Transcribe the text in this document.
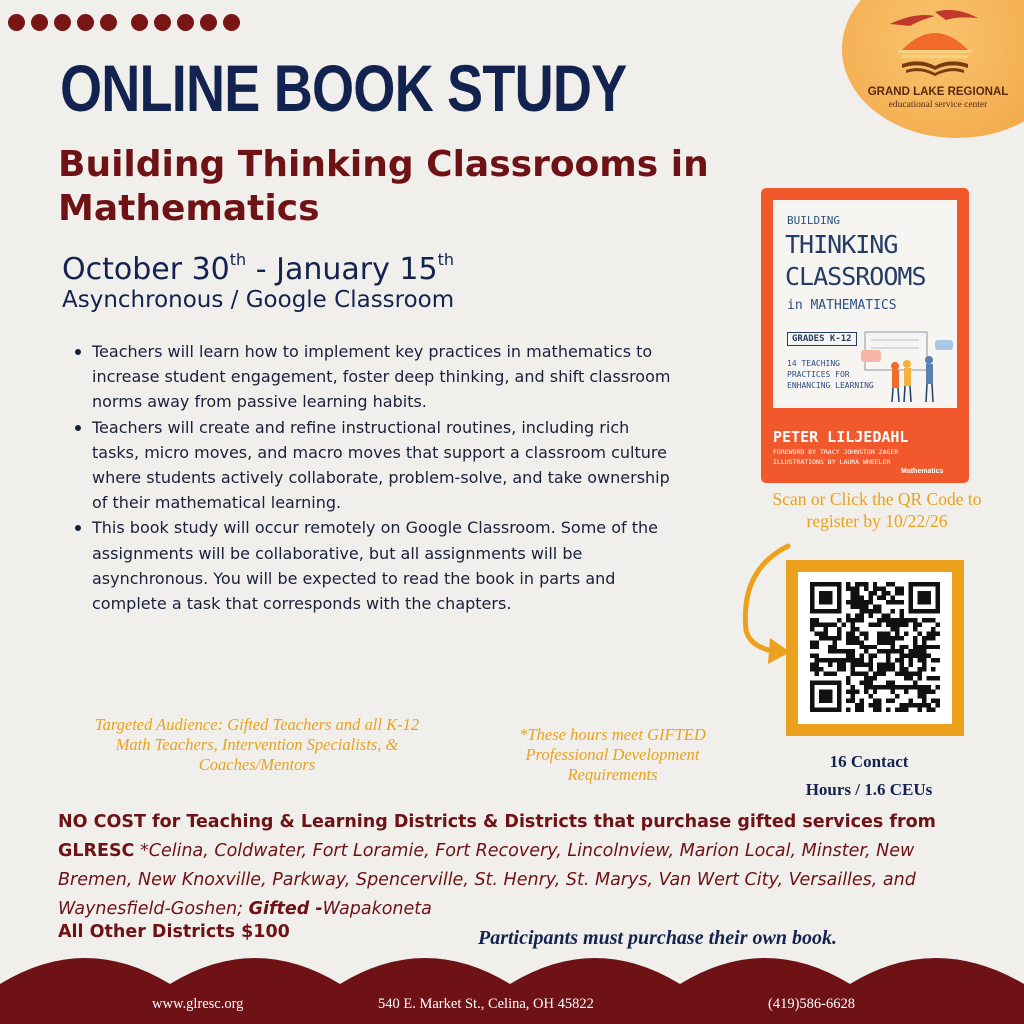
GRAND LAKE REGIONAL
educational service center
ONLINE BOOK STUDY
Building Thinking Classrooms in Mathematics
October 30th - January 15th
Asynchronous / Google Classroom
Teachers will learn how to implement key practices in mathematics to increase student engagement, foster deep thinking, and shift classroom norms away from passive learning habits.
Teachers will create and refine instructional routines, including rich tasks, micro moves, and macro moves that support a classroom culture where students actively collaborate, problem-solve, and take ownership of their mathematical learning.
This book study will occur remotely on Google Classroom. Some of the assignments will be collaborative, but all assignments will be asynchronous. You will be expected to read the book in parts and complete a task that corresponds with the chapters.
BUILDING
THINKING
CLASSROOMS
in MATHEMATICS
GRADES K-12
14 TEACHING PRACTICES FOR ENHANCING LEARNING
PETER LILJEDAHL
FOREWORD BY TRACY JOHNSTON ZAGER
ILLUSTRATIONS BY LAURA WHEELER
Mathematics
Scan or Click the QR Code to register by 10/22/26
16 Contact
Hours / 1.6 CEUs
Targeted Audience: Gifted Teachers and all K-12 Math Teachers, Intervention Specialists, & Coaches/Mentors
*These hours meet GIFTED Professional Development Requirements
NO COST for Teaching & Learning Districts & Districts that purchase gifted services from GLRESC *Celina, Coldwater, Fort Loramie, Fort Recovery, Lincolnview, Marion Local, Minster, New Bremen, New Knoxville, Parkway, Spencerville, St. Henry, St. Marys, Van Wert City, Versailles, and Waynesfield-Goshen; Gifted -Wapakoneta
All Other Districts $100	Participants must purchase their own book.
www.glresc.org	540 E. Market St., Celina, OH 45822	(419)586-6628
